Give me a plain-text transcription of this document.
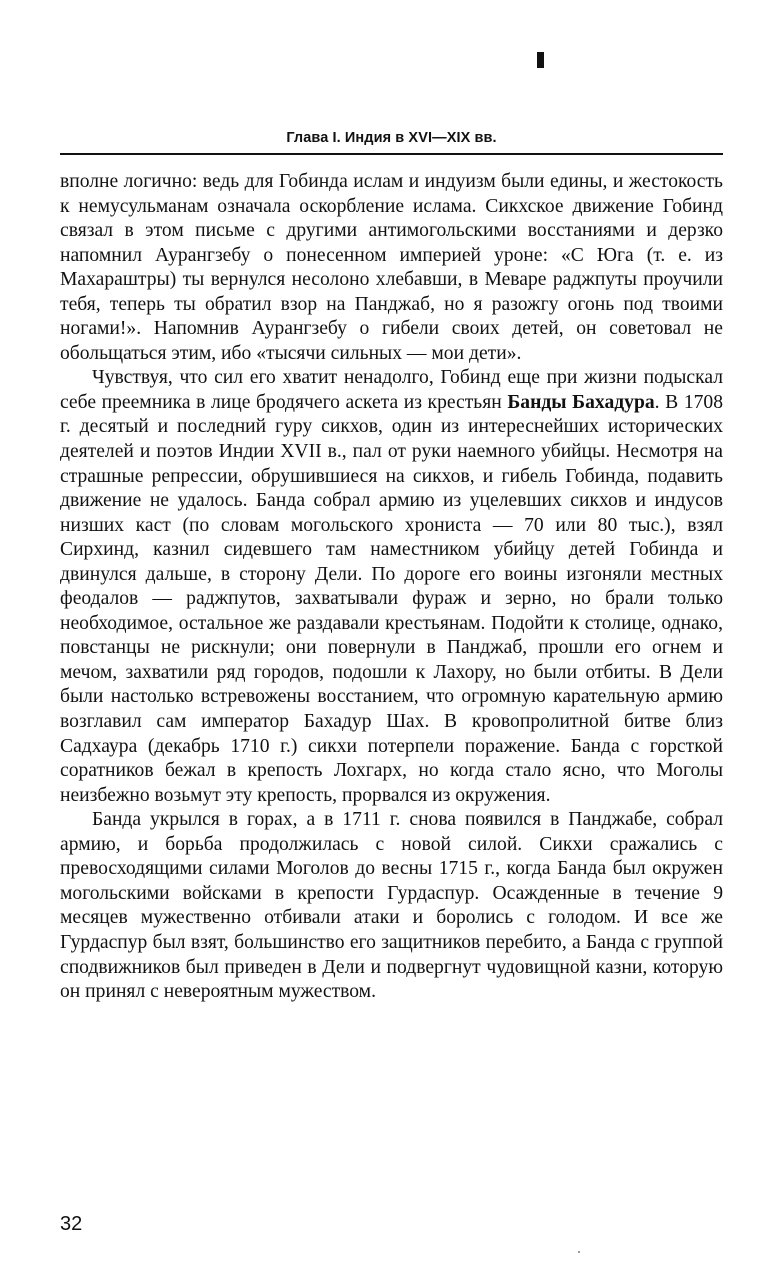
Глава I. Индия в XVI—XIX вв.

вполне логично: ведь для Гобинда ислам и индуизм были едины, и жестокость к немусульманам означала оскорбление ислама. Сикхское движение Гобинд связал в этом письме с другими антимогольскими восстаниями и дерзко напомнил Аурангзебу о понесенном империей уроне: «С Юга (т. е. из Махараштры) ты вернулся несолоно хлебавши, в Меваре раджпуты проучили тебя, теперь ты обратил взор на Панджаб, но я разожгу огонь под твоими ногами!». Напомнив Аурангзебу о гибели своих детей, он советовал не обольщаться этим, ибо «тысячи сильных — мои дети».

Чувствуя, что сил его хватит ненадолго, Гобинд еще при жизни подыскал себе преемника в лице бродячего аскета из крестьян Банды Бахадура. В 1708 г. десятый и последний гуру сикхов, один из интереснейших исторических деятелей и поэтов Индии XVII в., пал от руки наемного убийцы. Несмотря на страшные репрессии, обрушившиеся на сикхов, и гибель Гобинда, подавить движение не удалось. Банда собрал армию из уцелевших сикхов и индусов низших каст (по словам могольского хрониста — 70 или 80 тыс.), взял Сирхинд, казнил сидевшего там наместником убийцу детей Гобинда и двинулся дальше, в сторону Дели. По дороге его воины изгоняли местных феодалов — раджпутов, захватывали фураж и зерно, но брали только необходимое, остальное же раздавали крестьянам. Подойти к столице, однако, повстанцы не рискнули; они повернули в Панджаб, прошли его огнем и мечом, захватили ряд городов, подошли к Лахору, но были отбиты. В Дели были настолько встревожены восстанием, что огромную карательную армию возглавил сам император Бахадур Шах. В кровопролитной битве близ Садхаура (декабрь 1710 г.) сикхи потерпели поражение. Банда с горсткой соратников бежал в крепость Лохгарх, но когда стало ясно, что Моголы неизбежно возьмут эту крепость, прорвался из окружения.

Банда укрылся в горах, а в 1711 г. снова появился в Панджабе, собрал армию, и борьба продолжилась с новой силой. Сикхи сражались с превосходящими силами Моголов до весны 1715 г., когда Банда был окружен могольскими войсками в крепости Гурдаспур. Осажденные в течение 9 месяцев мужественно отбивали атаки и боролись с голодом. И все же Гурдаспур был взят, большинство его защитников перебито, а Банда с группой сподвижников был приведен в Дели и подвергнут чудовищной казни, которую он принял с невероятным мужеством.

32
